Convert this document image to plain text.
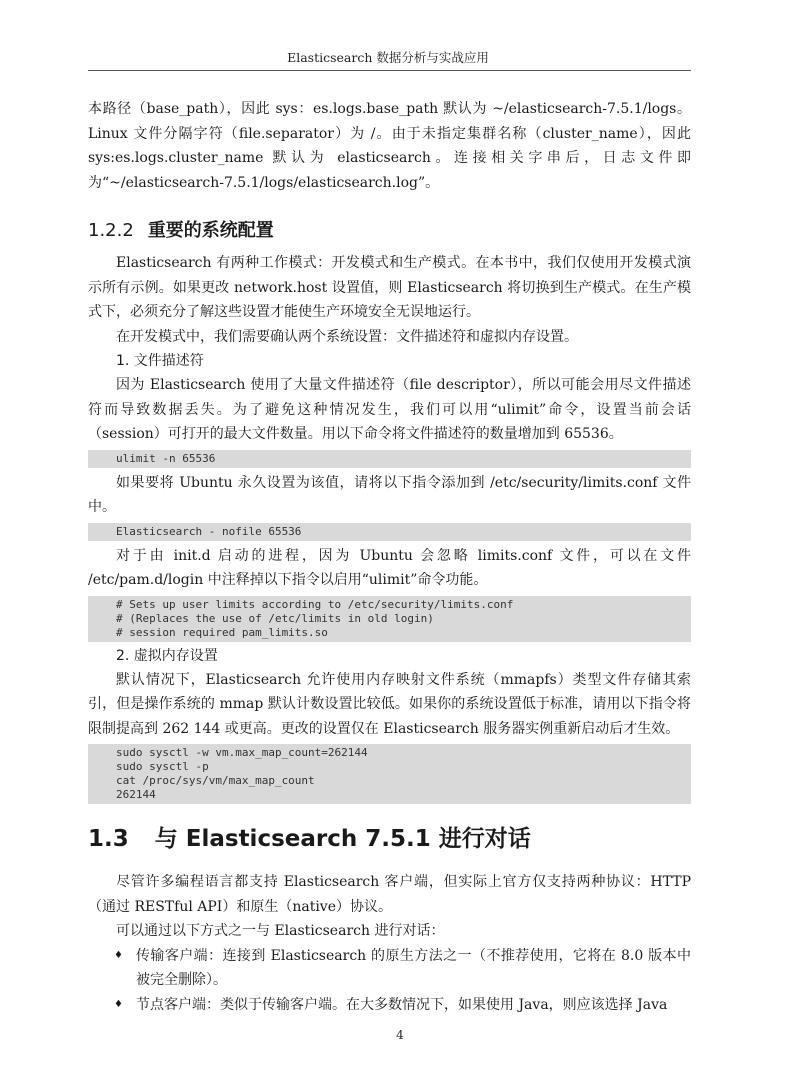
Elasticsearch 数据分析与实战应用

本路径（base_path），因此 sys：es.logs.base_path 默认为 ~/elasticsearch-7.5.1/logs。Linux 文件分隔字符（file.separator）为 /。由于未指定集群名称（cluster_name），因此 sys:es.logs.cluster_name 默认为 elasticsearch。连接相关字串后，日志文件即为“~/elasticsearch-7.5.1/logs/elasticsearch.log”。

1.2.2 重要的系统配置

Elasticsearch 有两种工作模式：开发模式和生产模式。在本书中，我们仅使用开发模式演示所有示例。如果更改 network.host 设置值，则 Elasticsearch 将切换到生产模式。在生产模式下，必须充分了解这些设置才能使生产环境安全无误地运行。

在开发模式中，我们需要确认两个系统设置：文件描述符和虚拟内存设置。

1. 文件描述符

因为 Elasticsearch 使用了大量文件描述符（file descriptor），所以可能会用尽文件描述符而导致数据丢失。为了避免这种情况发生，我们可以用“ulimit”命令，设置当前会话（session）可打开的最大文件数量。用以下命令将文件描述符的数量增加到 65536。

ulimit -n 65536

如果要将 Ubuntu 永久设置为该值，请将以下指令添加到 /etc/security/limits.conf 文件中。

Elasticsearch - nofile 65536

对于由 init.d 启动的进程，因为 Ubuntu 会忽略 limits.conf 文件，可以在文件 /etc/pam.d/login 中注释掉以下指令以启用“ulimit”命令功能。

# Sets up user limits according to /etc/security/limits.conf
# (Replaces the use of /etc/limits in old login)
# session required pam_limits.so
2. 虚拟内存设置

默认情况下，Elasticsearch 允许使用内存映射文件系统（mmapfs）类型文件存储其索引，但是操作系统的 mmap 默认计数设置比较低。如果你的系统设置低于标准，请用以下指令将限制提高到 262 144 或更高。更改的设置仅在 Elasticsearch 服务器实例重新启动后才生效。

sudo sysctl -w vm.max_map_count=262144
sudo sysctl -p
cat /proc/sys/vm/max_map_count
262144
1.3 与 Elasticsearch 7.5.1 进行对话

尽管许多编程语言都支持 Elasticsearch 客户端，但实际上官方仅支持两种协议：HTTP（通过 RESTful API）和原生（native）协议。

可以通过以下方式之一与 Elasticsearch 进行对话：

♦ 传输客户端：连接到 Elasticsearch 的原生方法之一（不推荐使用，它将在 8.0 版本中被完全删除）。
♦ 节点客户端：类似于传输客户端。在大多数情况下，如果使用 Java，则应该选择 Java
4
